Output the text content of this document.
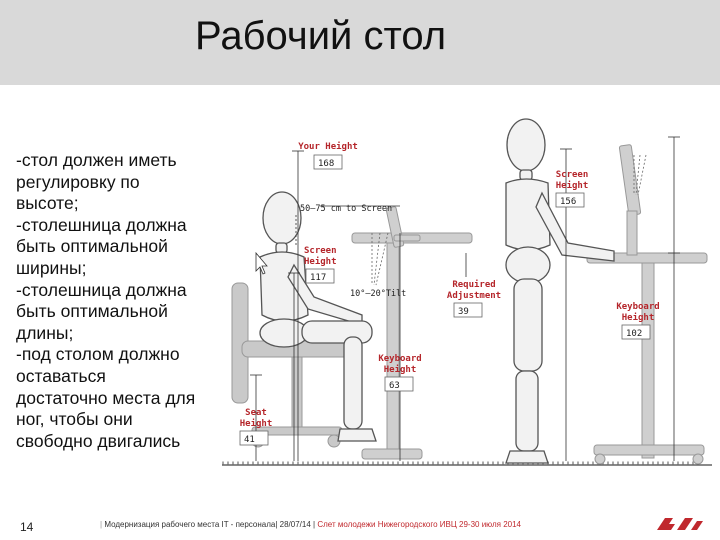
Рабочий стол
-стол должен иметь
регулировку по
высоте;
-столешница должна
быть оптимальной
ширины;
-столешница должна
быть оптимальной
длины;
-под столом должно
оставаться
достаточно места для
ног, чтобы они
свободно двигались
Your Height
168
50–75 cm to Screen
Screen
Height
117
10°–20°Tilt
Keyboard
Height
63
Seat
Height
41
Required
Adjustment
39
Screen
Height
156
Keyboard
Height
102
14	| Модернизация рабочего места IT - персонала| 28/07/14 | Слет молодежи Нижегородского ИВЦ 29-30 июля 2014
